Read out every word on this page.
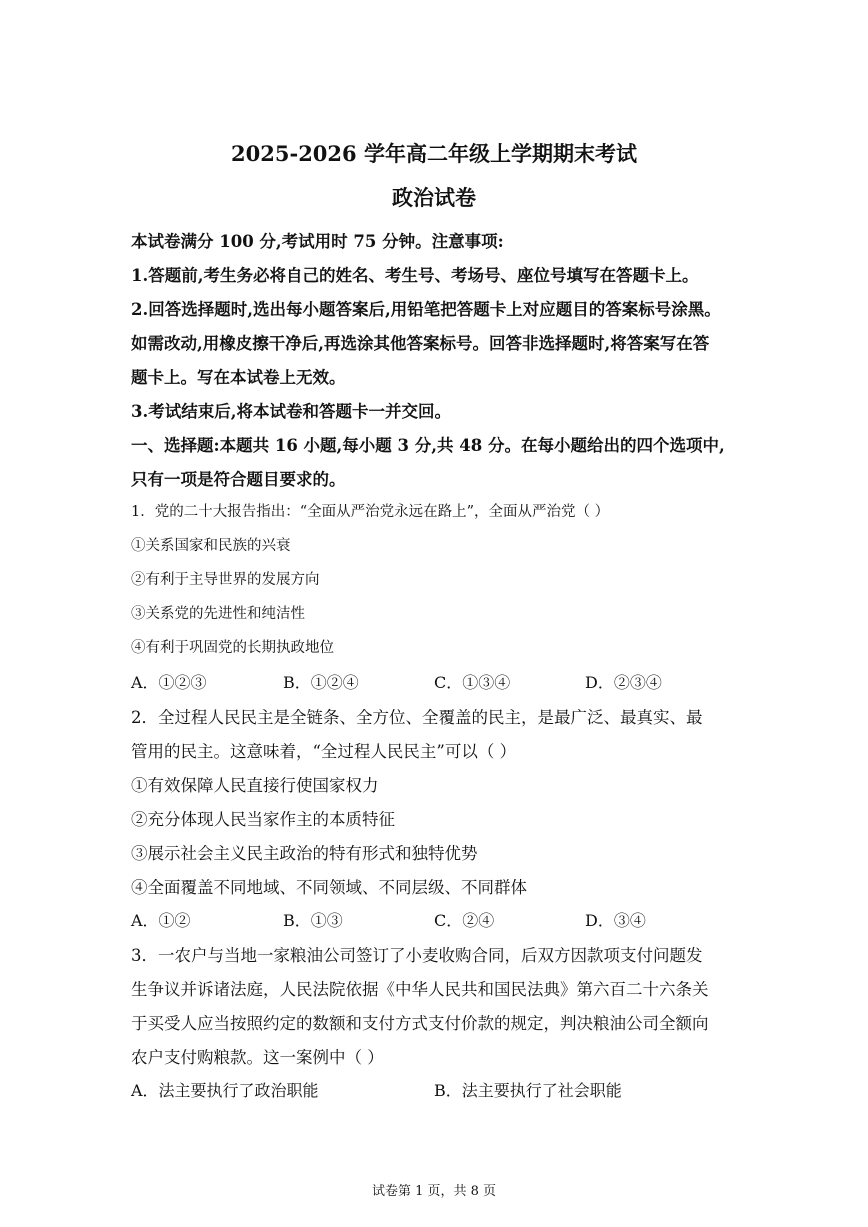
2025-2026 学年高二年级上学期期末考试
政治试卷
本试卷满分 100 分,考试用时 75 分钟。注意事项:
1.答题前,考生务必将自己的姓名、考生号、考场号、座位号填写在答题卡上。
2.回答选择题时,选出每小题答案后,用铅笔把答题卡上对应题目的答案标号涂黑。
如需改动,用橡皮擦干净后,再选涂其他答案标号。回答非选择题时,将答案写在答
题卡上。写在本试卷上无效。
3.考试结束后,将本试卷和答题卡一并交回。
一、选择题:本题共 16 小题,每小题 3 分,共 48 分。在每小题给出的四个选项中,
只有一项是符合题目要求的。
1．党的二十大报告指出：“全面从严治党永远在路上”，全面从严治党（ ）
①关系国家和民族的兴衰
②有利于主导世界的发展方向
③关系党的先进性和纯洁性
④有利于巩固党的长期执政地位
A．①②③	B．①②④	C．①③④	D．②③④
2．全过程人民民主是全链条、全方位、全覆盖的民主，是最广泛、最真实、最
管用的民主。这意味着，“全过程人民民主”可以（ ）
①有效保障人民直接行使国家权力
②充分体现人民当家作主的本质特征
③展示社会主义民主政治的特有形式和独特优势
④全面覆盖不同地域、不同领域、不同层级、不同群体
A．①②	B．①③	C．②④	D．③④
3．一农户与当地一家粮油公司签订了小麦收购合同，后双方因款项支付问题发
生争议并诉诸法庭，人民法院依据《中华人民共和国民法典》第六百二十六条关
于买受人应当按照约定的数额和支付方式支付价款的规定，判决粮油公司全额向
农户支付购粮款。这一案例中（ ）
A．法主要执行了政治职能	B．法主要执行了社会职能
试卷第 1 页，共 8 页
